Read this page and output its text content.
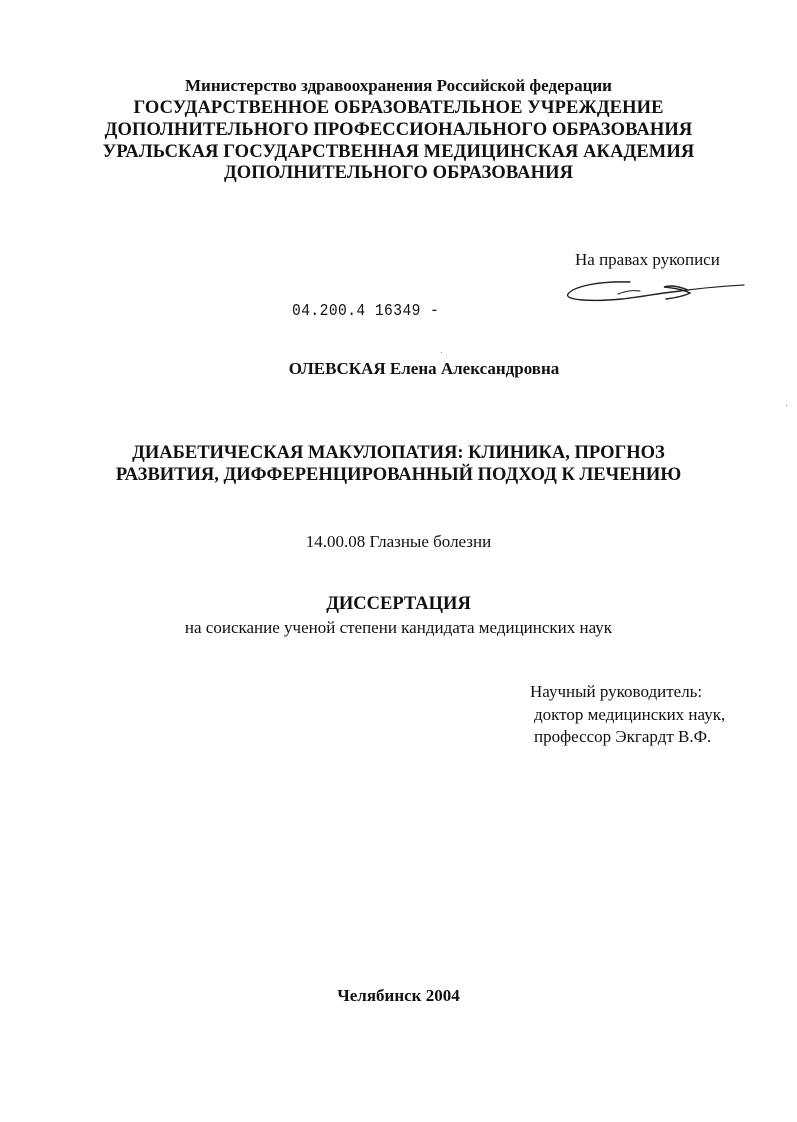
Министерство здравоохранения Российской федерации
ГОСУДАРСТВЕННОЕ ОБРАЗОВАТЕЛЬНОЕ УЧРЕЖДЕНИЕ
ДОПОЛНИТЕЛЬНОГО ПРОФЕССИОНАЛЬНОГО ОБРАЗОВАНИЯ
УРАЛЬСКАЯ ГОСУДАРСТВЕННАЯ МЕДИЦИНСКАЯ АКАДЕМИЯ
ДОПОЛНИТЕЛЬНОГО ОБРАЗОВАНИЯ
На правах рукописи
04.200.4 16349 -
ОЛЕВСКАЯ Елена Александровна
ДИАБЕТИЧЕСКАЯ МАКУЛОПАТИЯ: КЛИНИКА, ПРОГНОЗ
РАЗВИТИЯ, ДИФФЕРЕНЦИРОВАННЫЙ ПОДХОД К ЛЕЧЕНИЮ
14.00.08 Глазные болезни
ДИССЕРТАЦИЯ
на соискание ученой степени кандидата медицинских наук
Научный руководитель:
доктор медицинских наук,
профессор Экгардт В.Ф.
Челябинск 2004
